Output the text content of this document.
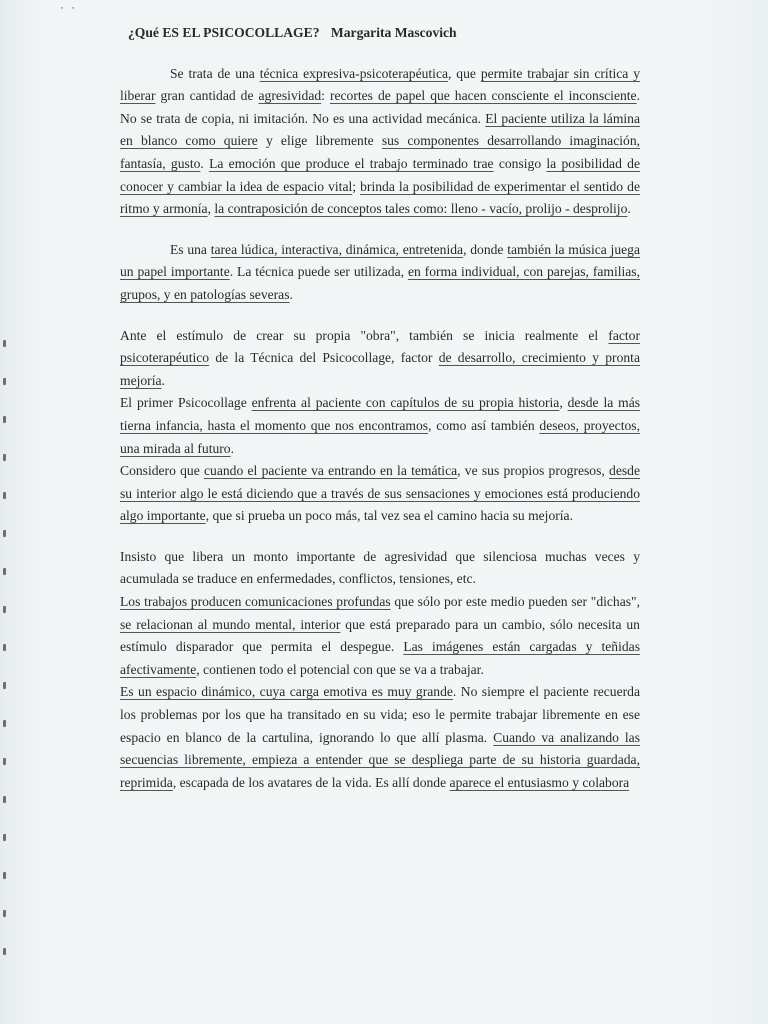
˙ ˙
¿Qué ES EL PSICOCOLLAGE? Margarita Mascovich

Se trata de una técnica expresiva-psicoterapéutica, que permite trabajar sin crítica y liberar gran cantidad de agresividad: recortes de papel que hacen consciente el inconsciente. No se trata de copia, ni imitación. No es una actividad mecánica. El paciente utiliza la lámina en blanco como quiere y elige libremente sus componentes desarrollando imaginación, fantasía, gusto. La emoción que produce el trabajo terminado trae consigo la posibilidad de conocer y cambiar la idea de espacio vital; brinda la posibilidad de experimentar el sentido de ritmo y armonía, la contraposición de conceptos tales como: lleno - vacío, prolijo - desprolijo.

Es una tarea lúdica, interactiva, dinámica, entretenida, donde también la música juega un papel importante. La técnica puede ser utilizada, en forma individual, con parejas, familias, grupos, y en patologías severas.

Ante el estímulo de crear su propia "obra", también se inicia realmente el factor psicoterapéutico de la Técnica del Psicocollage, factor de desarrollo, crecimiento y pronta mejoría.

El primer Psicocollage enfrenta al paciente con capítulos de su propia historia, desde la más tierna infancia, hasta el momento que nos encontramos, como así también deseos, proyectos, una mirada al futuro.

Considero que cuando el paciente va entrando en la temática, ve sus propios progresos, desde su interior algo le está diciendo que a través de sus sensaciones y emociones está produciendo algo importante, que si prueba un poco más, tal vez sea el camino hacia su mejoría.

Insisto que libera un monto importante de agresividad que silenciosa muchas veces y acumulada se traduce en enfermedades, conflictos, tensiones, etc.

Los trabajos producen comunicaciones profundas que sólo por este medio pueden ser "dichas", se relacionan al mundo mental, interior que está preparado para un cambio, sólo necesita un estímulo disparador que permita el despegue. Las imágenes están cargadas y teñidas afectivamente, contienen todo el potencial con que se va a trabajar.

Es un espacio dinámico, cuya carga emotiva es muy grande. No siempre el paciente recuerda los problemas por los que ha transitado en su vida; eso le permite trabajar libremente en ese espacio en blanco de la cartulina, ignorando lo que allí plasma. Cuando va analizando las secuencias libremente, empieza a entender que se despliega parte de su historia guardada, reprimida, escapada de los avatares de la vida. Es allí donde aparece el entusiasmo y colabora
